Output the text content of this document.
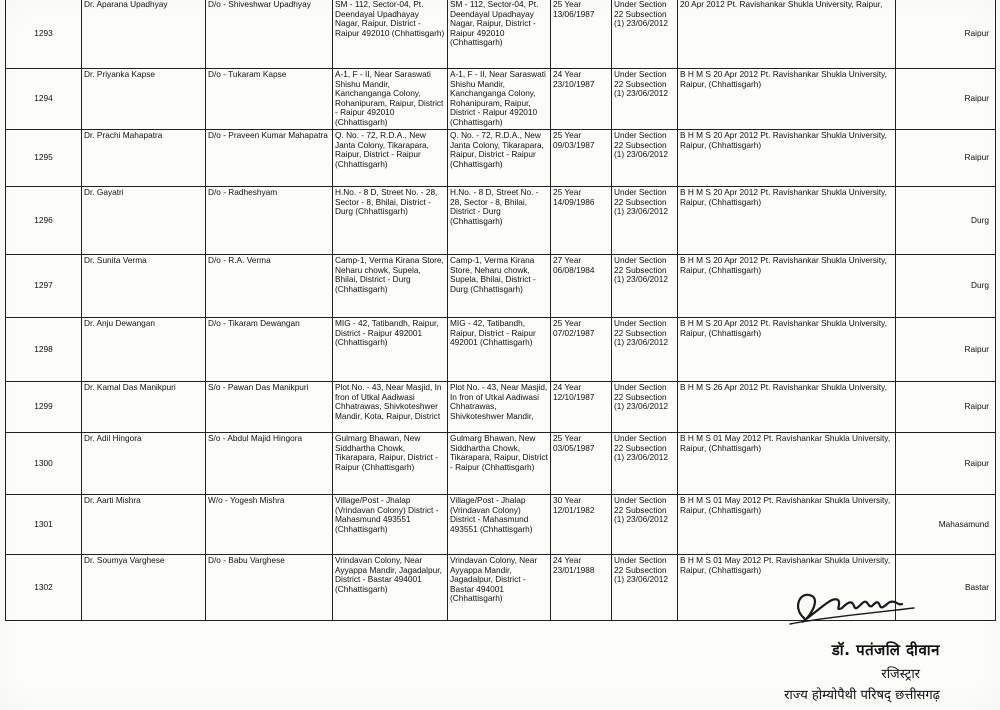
1293	Dr. Aparana Upadhyay	D/o - Shiveshwar Upadhyay	SM - 112, Sector-04, Pt. Deendayal Upadhayay Nagar, Raipur, District - Raipur 492010 (Chhattisgarh)	SM - 112, Sector-04, Pt. Deendayal Upadhayay Nagar, Raipur, District - Raipur 492010 (Chhattisgarh)	25 Year 13/06/1987	Under Section 22 Subsection (1) 23/06/2012	20 Apr 2012 Pt. Ravishankar Shukla University, Raipur,	Raipur
1294	Dr. Priyanka Kapse	D/o - Tukaram Kapse	A-1, F - II, Near Saraswati Shishu Mandir, Kanchanganga Colony, Rohanipuram, Raipur, District - Raipur 492010 (Chhattisgarh)	A-1, F - II, Near Saraswati Shishu Mandir, Kanchanganga Colony, Rohanipuram, Raipur, District - Raipur 492010 (Chhattisgarh)	24 Year 23/10/1987	Under Section 22 Subsection (1) 23/06/2012	B H M S 20 Apr 2012 Pt. Ravishankar Shukla University, Raipur, (Chhattisgarh)	Raipur
1295	Dr. Prachi Mahapatra	D/o - Praveen Kumar Mahapatra	Q. No. - 72, R.D.A., New Janta Colony, Tikarapara, Raipur, District - Raipur (Chhattisgarh)	Q. No. - 72, R.D.A., New Janta Colony, Tikarapara, Raipur, District - Raipur (Chhattisgarh)	25 Year 09/03/1987	Under Section 22 Subsection (1) 23/06/2012	B H M S 20 Apr 2012 Pt. Ravishankar Shukla University, Raipur, (Chhattisgarh)	Raipur
1296	Dr. Gayatri	D/o - Radheshyam	H.No. - 8 D, Street No. - 28, Sector - 8, Bhilai, District - Durg (Chhattisgarh)	H.No. - 8 D, Street No. - 28, Sector - 8, Bhilai, District - Durg (Chhattisgarh)	25 Year 14/09/1986	Under Section 22 Subsection (1) 23/06/2012	B H M S 20 Apr 2012 Pt. Ravishankar Shukla University, Raipur, (Chhattisgarh)	Durg
1297	Dr. Sunita Verma	D/o - R.A. Verma	Camp-1, Verma Kirana Store, Neharu chowk, Supela, Bhilai, District - Durg (Chhattisgarh)	Camp-1, Verma Kirana Store, Neharu chowk, Supela, Bhilai, District - Durg (Chhattisgarh)	27 Year 06/08/1984	Under Section 22 Subsection (1) 23/06/2012	B H M S 20 Apr 2012 Pt. Ravishankar Shukla University, Raipur, (Chhattisgarh)	Durg
1298	Dr. Anju Dewangan	D/o - Tikaram Dewangan	MIG - 42, Tatibandh, Raipur, District - Raipur 492001 (Chhattisgarh)	MIG - 42, Tatibandh, Raipur, District - Raipur 492001 (Chhattisgarh)	25 Year 07/02/1987	Under Section 22 Subsection (1) 23/06/2012	B H M S 20 Apr 2012 Pt. Ravishankar Shukla University, Raipur, (Chhattisgarh)	Raipur
1299	Dr. Kamal Das Manikpuri	S/o - Pawan Das Manikpuri	Plot No. - 43, Near Masjid, In fron of Utkal Aadiwasi Chhatrawas, Shivkoteshwer Mandir, Kota, Raipur, District	Plot No. - 43, Near Masjid, In fron of Utkal Aadiwasi Chhatrawas, Shivkoteshwer Mandir,	24 Year 12/10/1987	Under Section 22 Subsection (1) 23/06/2012	B H M S 26 Apr 2012 Pt. Ravishankar Shukla University,	Raipur
1300	Dr. Adil Hingora	S/o - Abdul Majid Hingora	Gulmarg Bhawan, New Siddhartha Chowk, Tikarapara, Raipur, District - Raipur (Chhattisgarh)	Gulmarg Bhawan, New Siddhartha Chowk, Tikarapara, Raipur, District - Raipur (Chhattisgarh)	25 Year 03/05/1987	Under Section 22 Subsection (1) 23/06/2012	B H M S 01 May 2012 Pt. Ravishankar Shukla University, Raipur, (Chhattisgarh)	Raipur
1301	Dr. Aarti Mishra	W/o - Yogesh Mishra	Village/Post - Jhalap (Vrindavan Colony) District - Mahasmund 493551 (Chhattisgarh)	Village/Post - Jhalap (Vrindavan Colony) District - Mahasmund 493551 (Chhattisgarh)	30 Year 12/01/1982	Under Section 22 Subsection (1) 23/06/2012	B H M S 01 May 2012 Pt. Ravishankar Shukla University, Raipur, (Chhattisgarh)	Mahasamund
1302	Dr. Soumya Varghese	D/o - Babu Varghese	Vrindavan Colony, Near Ayyappa Mandir, Jagadalpur, District - Bastar 494001 (Chhattisgarh)	Vrindavan Colony, Near Ayyappa Mandir, Jagadalpur, District - Bastar 494001 (Chhattisgarh)	24 Year 23/01/1988	Under Section 22 Subsection (1) 23/06/2012	B H M S 01 May 2012 Pt. Ravishankar Shukla University, Raipur, (Chhattisgarh)	Bastar
डॉ. पतंजलि दीवान
रजिस्ट्रार
राज्य होम्योपैथी परिषद् छत्तीसगढ़
